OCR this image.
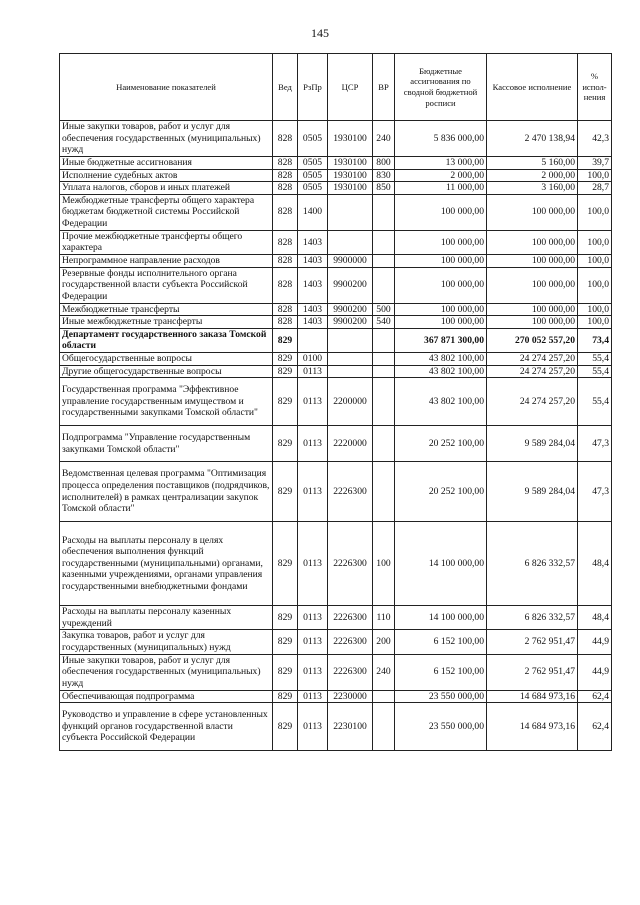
145
Наименование показателей	Вед	РзПр	ЦСР	ВР	Бюджетные ассигнования по сводной бюджетной росписи	Кассовое исполнение	% испол-нения
Иные закупки товаров, работ и услуг для обеспечения государственных (муниципальных) нужд	828	0505	1930100	240	5 836 000,00	2 470 138,94	42,3
Иные бюджетные ассигнования	828	0505	1930100	800	13 000,00	5 160,00	39,7
Исполнение судебных актов	828	0505	1930100	830	2 000,00	2 000,00	100,0
Уплата налогов, сборов и иных платежей	828	0505	1930100	850	11 000,00	3 160,00	28,7
Межбюджетные трансферты общего характера бюджетам бюджетной системы Российской Федерации	828	1400			100 000,00	100 000,00	100,0
Прочие межбюджетные трансферты общего характера	828	1403			100 000,00	100 000,00	100,0
Непрограммное направление расходов	828	1403	9900000		100 000,00	100 000,00	100,0
Резервные фонды исполнительного органа государственной власти субъекта Российской Федерации	828	1403	9900200		100 000,00	100 000,00	100,0
Межбюджетные трансферты	828	1403	9900200	500	100 000,00	100 000,00	100,0
Иные межбюджетные трансферты	828	1403	9900200	540	100 000,00	100 000,00	100,0
Департамент государственного заказа Томской области	829				367 871 300,00	270 052 557,20	73,4
Общегосударственные вопросы	829	0100			43 802 100,00	24 274 257,20	55,4
Другие общегосударственные вопросы	829	0113			43 802 100,00	24 274 257,20	55,4
Государственная программа "Эффективное управление государственным имуществом и государственными закупками Томской области"	829	0113	2200000		43 802 100,00	24 274 257,20	55,4
Подпрограмма "Управление государственным закупками Томской области"	829	0113	2220000		20 252 100,00	9 589 284,04	47,3
Ведомственная целевая программа "Оптимизация процесса определения поставщиков (подрядчиков, исполнителей) в рамках централизации закупок Томской области"	829	0113	2226300		20 252 100,00	9 589 284,04	47,3
Расходы на выплаты персоналу в целях обеспечения выполнения функций государственными (муниципальными) органами, казенными учреждениями, органами управления государственными внебюджетными фондами	829	0113	2226300	100	14 100 000,00	6 826 332,57	48,4
Расходы на выплаты персоналу казенных учреждений	829	0113	2226300	110	14 100 000,00	6 826 332,57	48,4
Закупка товаров, работ и услуг для государственных (муниципальных) нужд	829	0113	2226300	200	6 152 100,00	2 762 951,47	44,9
Иные закупки товаров, работ и услуг для обеспечения государственных (муниципальных) нужд	829	0113	2226300	240	6 152 100,00	2 762 951,47	44,9
Обеспечивающая подпрограмма	829	0113	2230000		23 550 000,00	14 684 973,16	62,4
Руководство и управление в сфере установленных функций органов государственной власти субъекта Российской Федерации	829	0113	2230100		23 550 000,00	14 684 973,16	62,4
